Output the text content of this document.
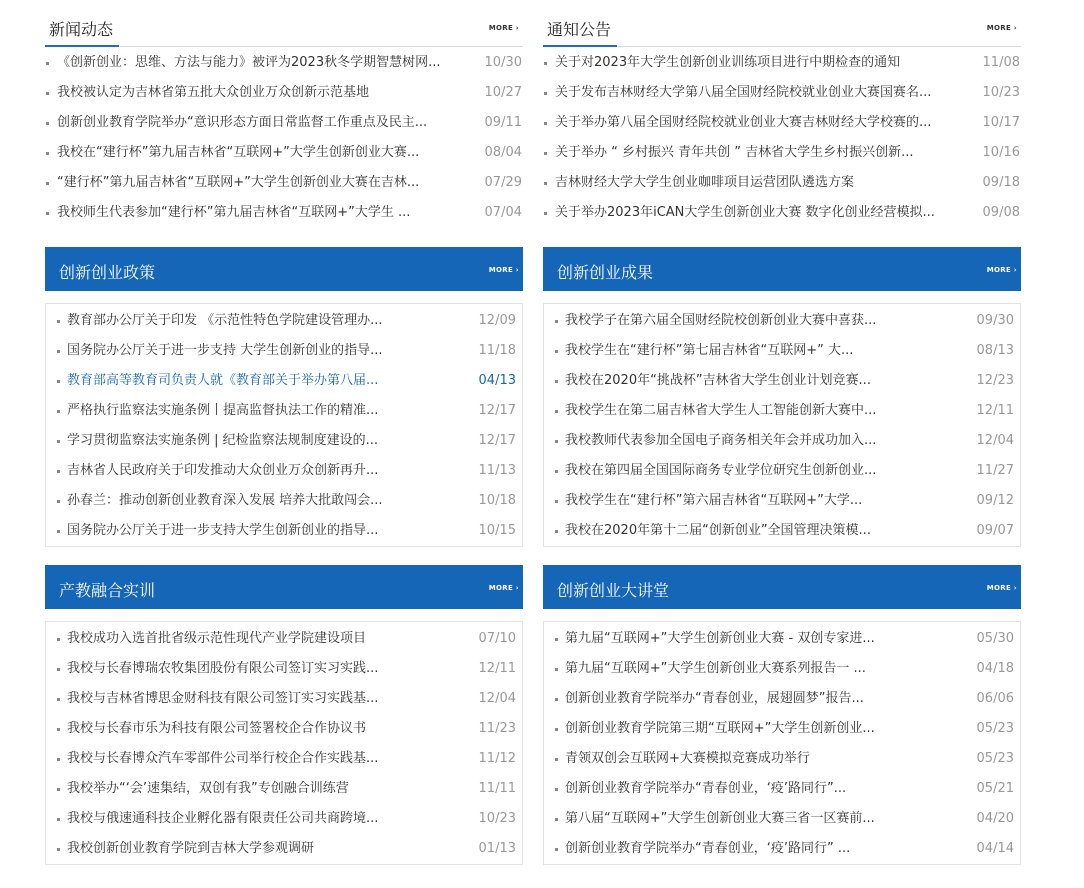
新闻动态	MORE ›
《创新创业：思维、方法与能力》被评为2023秋冬学期智慧树网...	10/30
我校被认定为吉林省第五批大众创业万众创新示范基地	10/27
创新创业教育学院举办“意识形态方面日常监督工作重点及民主...	09/11
我校在“建行杯”第九届吉林省“互联网+”大学生创新创业大赛...	08/04
“建行杯”第九届吉林省“互联网+”大学生创新创业大赛在吉林...	07/29
我校师生代表参加“建行杯”第九届吉林省“互联网+”大学生 ...	07/04
通知公告	MORE ›
关于对2023年大学生创新创业训练项目进行中期检查的通知	11/08
关于发布吉林财经大学第八届全国财经院校就业创业大赛国赛名...	10/23
关于举办第八届全国财经院校就业创业大赛吉林财经大学校赛的...	10/17
关于举办 “ 乡村振兴 青年共创 ” 吉林省大学生乡村振兴创新...	10/16
吉林财经大学大学生创业咖啡项目运营团队遴选方案	09/18
关于举办2023年iCAN大学生创新创业大赛 数字化创业经营模拟...	09/08
创新创业政策	MORE ›
教育部办公厅关于印发 《示范性特色学院建设管理办...	12/09
国务院办公厅关于进一步支持 大学生创新创业的指导...	11/18
教育部高等教育司负责人就《教育部关于举办第八届...	04/13
严格执行监察法实施条例丨提高监督执法工作的精准...	12/17
学习贯彻监察法实施条例 | 纪检监察法规制度建设的...	12/17
吉林省人民政府关于印发推动大众创业万众创新再升...	11/13
孙春兰：推动创新创业教育深入发展 培养大批敢闯会...	10/18
国务院办公厅关于进一步支持大学生创新创业的指导...	10/15
创新创业成果	MORE ›
我校学子在第六届全国财经院校创新创业大赛中喜获...	09/30
我校学生在“建行杯”第七届吉林省“互联网+” 大...	08/13
我校在2020年“挑战杯”吉林省大学生创业计划竞赛...	12/23
我校学生在第二届吉林省大学生人工智能创新大赛中...	12/11
我校教师代表参加全国电子商务相关年会并成功加入...	12/04
我校在第四届全国国际商务专业学位研究生创新创业...	11/27
我校学生在“建行杯”第六届吉林省“互联网+”大学...	09/12
我校在2020年第十二届“创新创业”全国管理决策模...	09/07
产教融合实训	MORE ›
我校成功入选首批省级示范性现代产业学院建设项目	07/10
我校与长春博瑞农牧集团股份有限公司签订实习实践...	12/11
我校与吉林省博思金财科技有限公司签订实习实践基...	12/04
我校与长春市乐为科技有限公司签署校企合作协议书	11/23
我校与长春博众汽车零部件公司举行校企合作实践基...	11/12
我校举办“‘会’速集结，双创有我”专创融合训练营	11/11
我校与俄速通科技企业孵化器有限责任公司共商跨境...	10/23
我校创新创业教育学院到吉林大学参观调研	01/13
创新创业大讲堂	MORE ›
第九届“互联网+”大学生创新创业大赛 - 双创专家进...	05/30
第九届“互联网+”大学生创新创业大赛系列报告一 ...	04/18
创新创业教育学院举办“青春创业，展翅圆梦”报告...	06/06
创新创业教育学院第三期“互联网+”大学生创新创业...	05/23
青领双创会互联网+大赛模拟竞赛成功举行	05/23
创新创业教育学院举办“青春创业，‘疫’路同行”...	05/21
第八届“互联网+”大学生创新创业大赛三省一区赛前...	04/20
创新创业教育学院举办“青春创业，‘疫’路同行” ...	04/14
